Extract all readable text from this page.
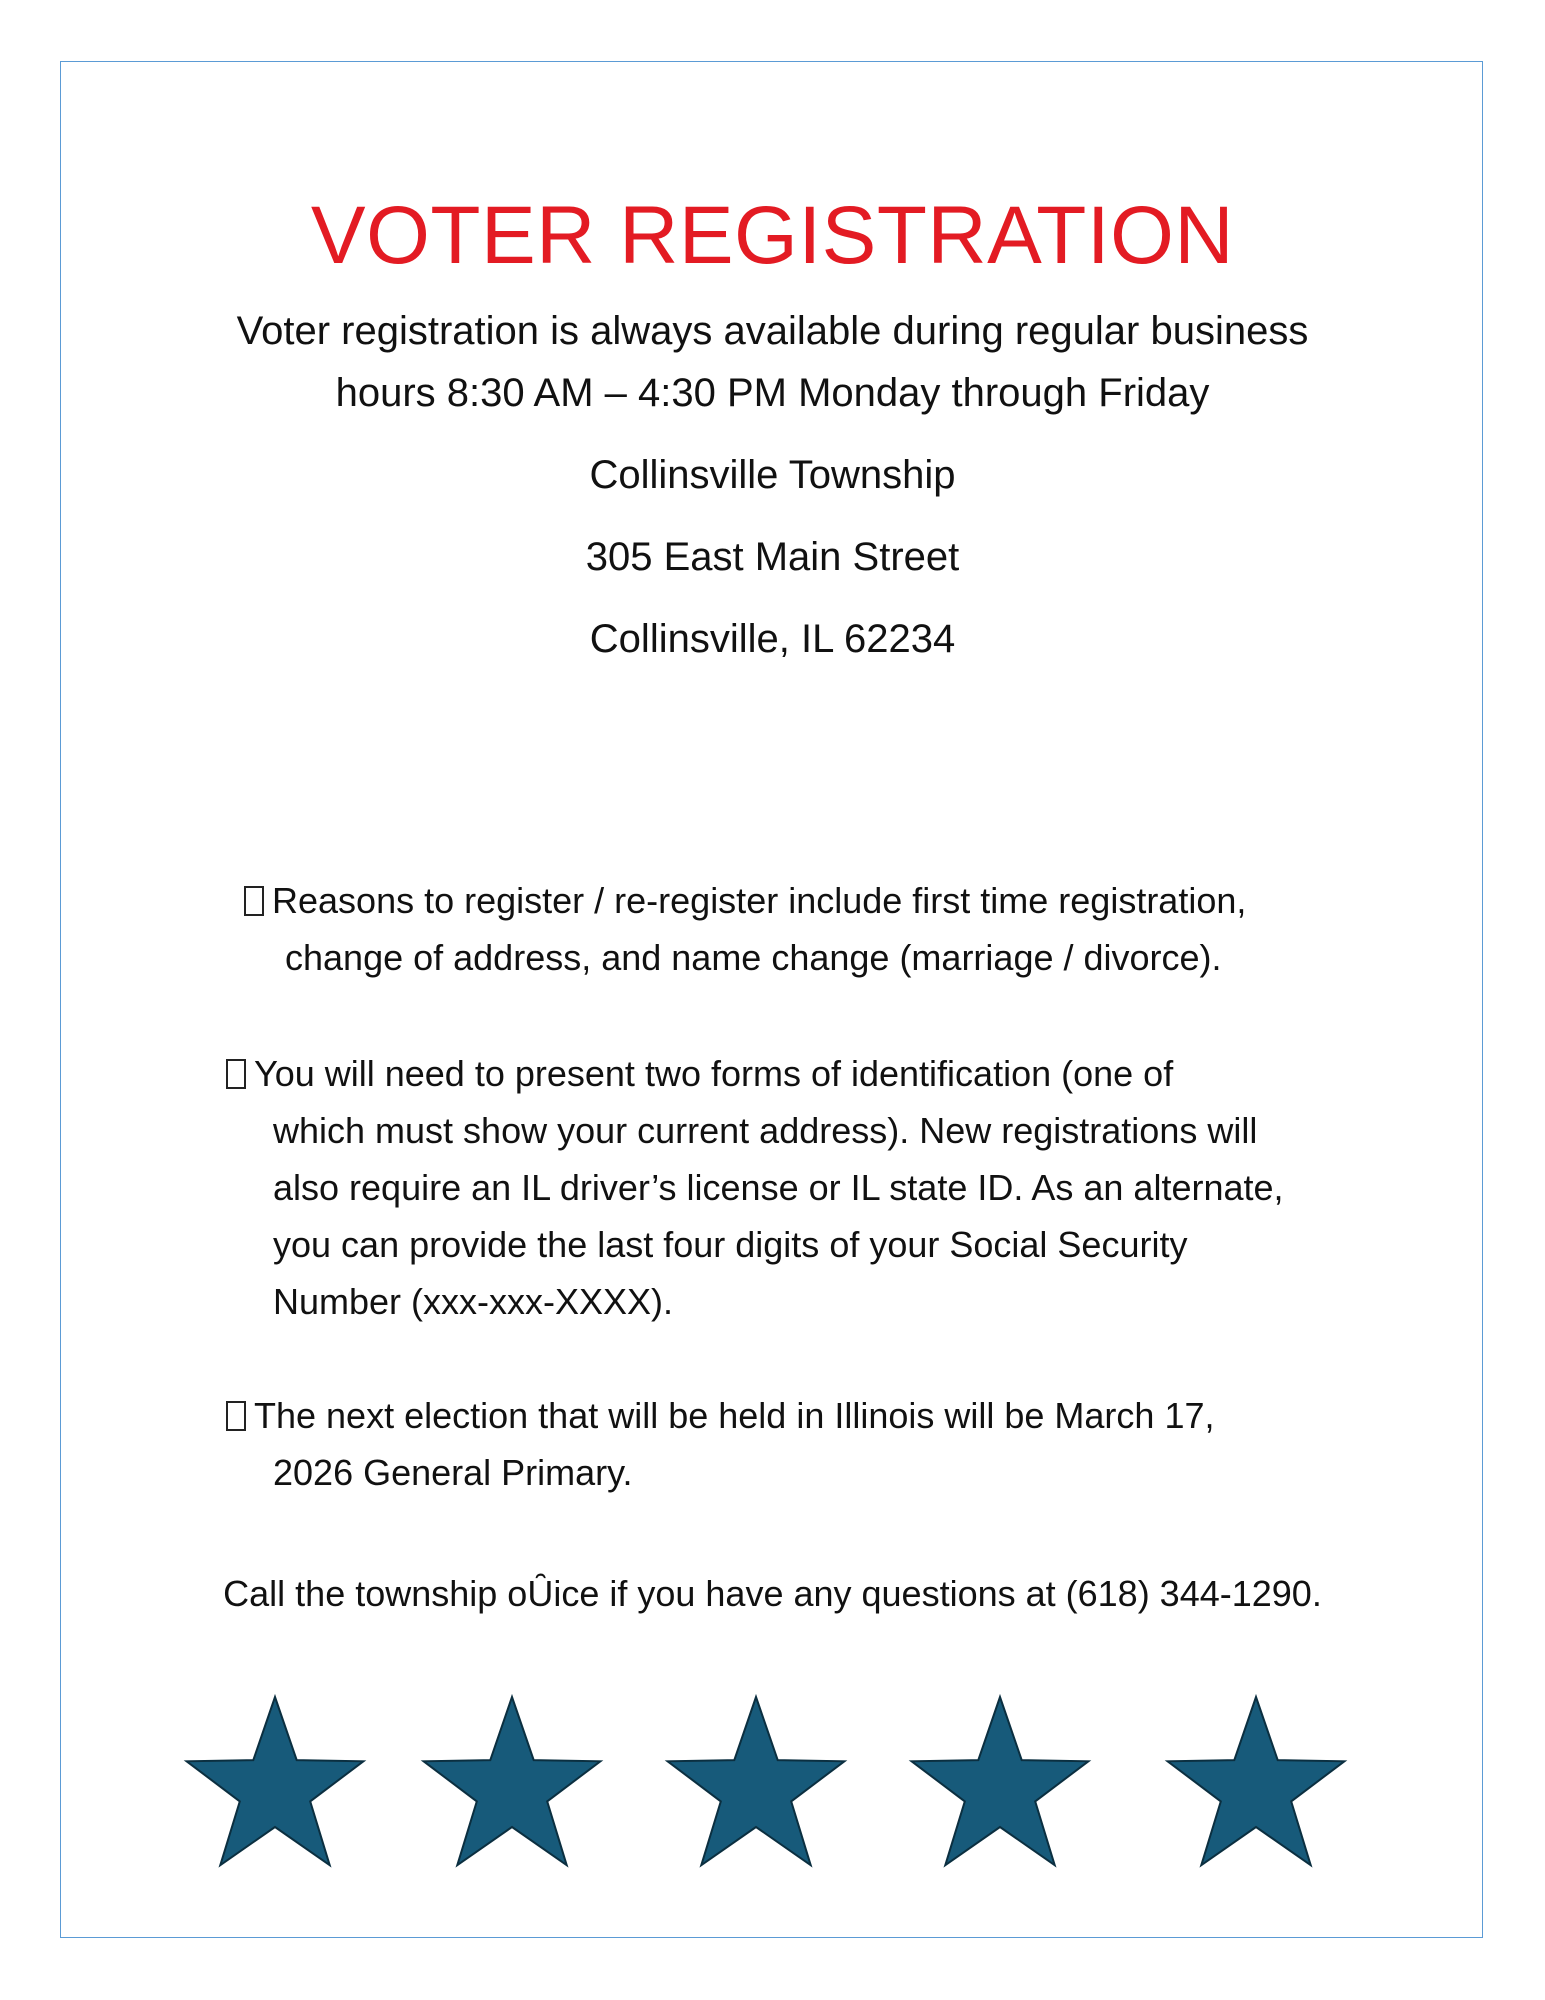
VOTER REGISTRATION
Voter registration is always available during regular business
hours 8:30 AM – 4:30 PM Monday through Friday
Collinsville Township
305 East Main Street
Collinsville, IL 62234
Reasons to register / re-register include first time registration,
change of address, and name change (marriage / divorce).
You will need to present two forms of identification (one of
which must show your current address). New registrations will
also require an IL driver’s license or IL state ID. As an alternate,
you can provide the last four digits of your Social Security
Number (xxx-xxx-XXXX).
The next election that will be held in Illinois will be March 17,
2026 General Primary.
Call the township oȖice if you have any questions at (618) 344-1290.
